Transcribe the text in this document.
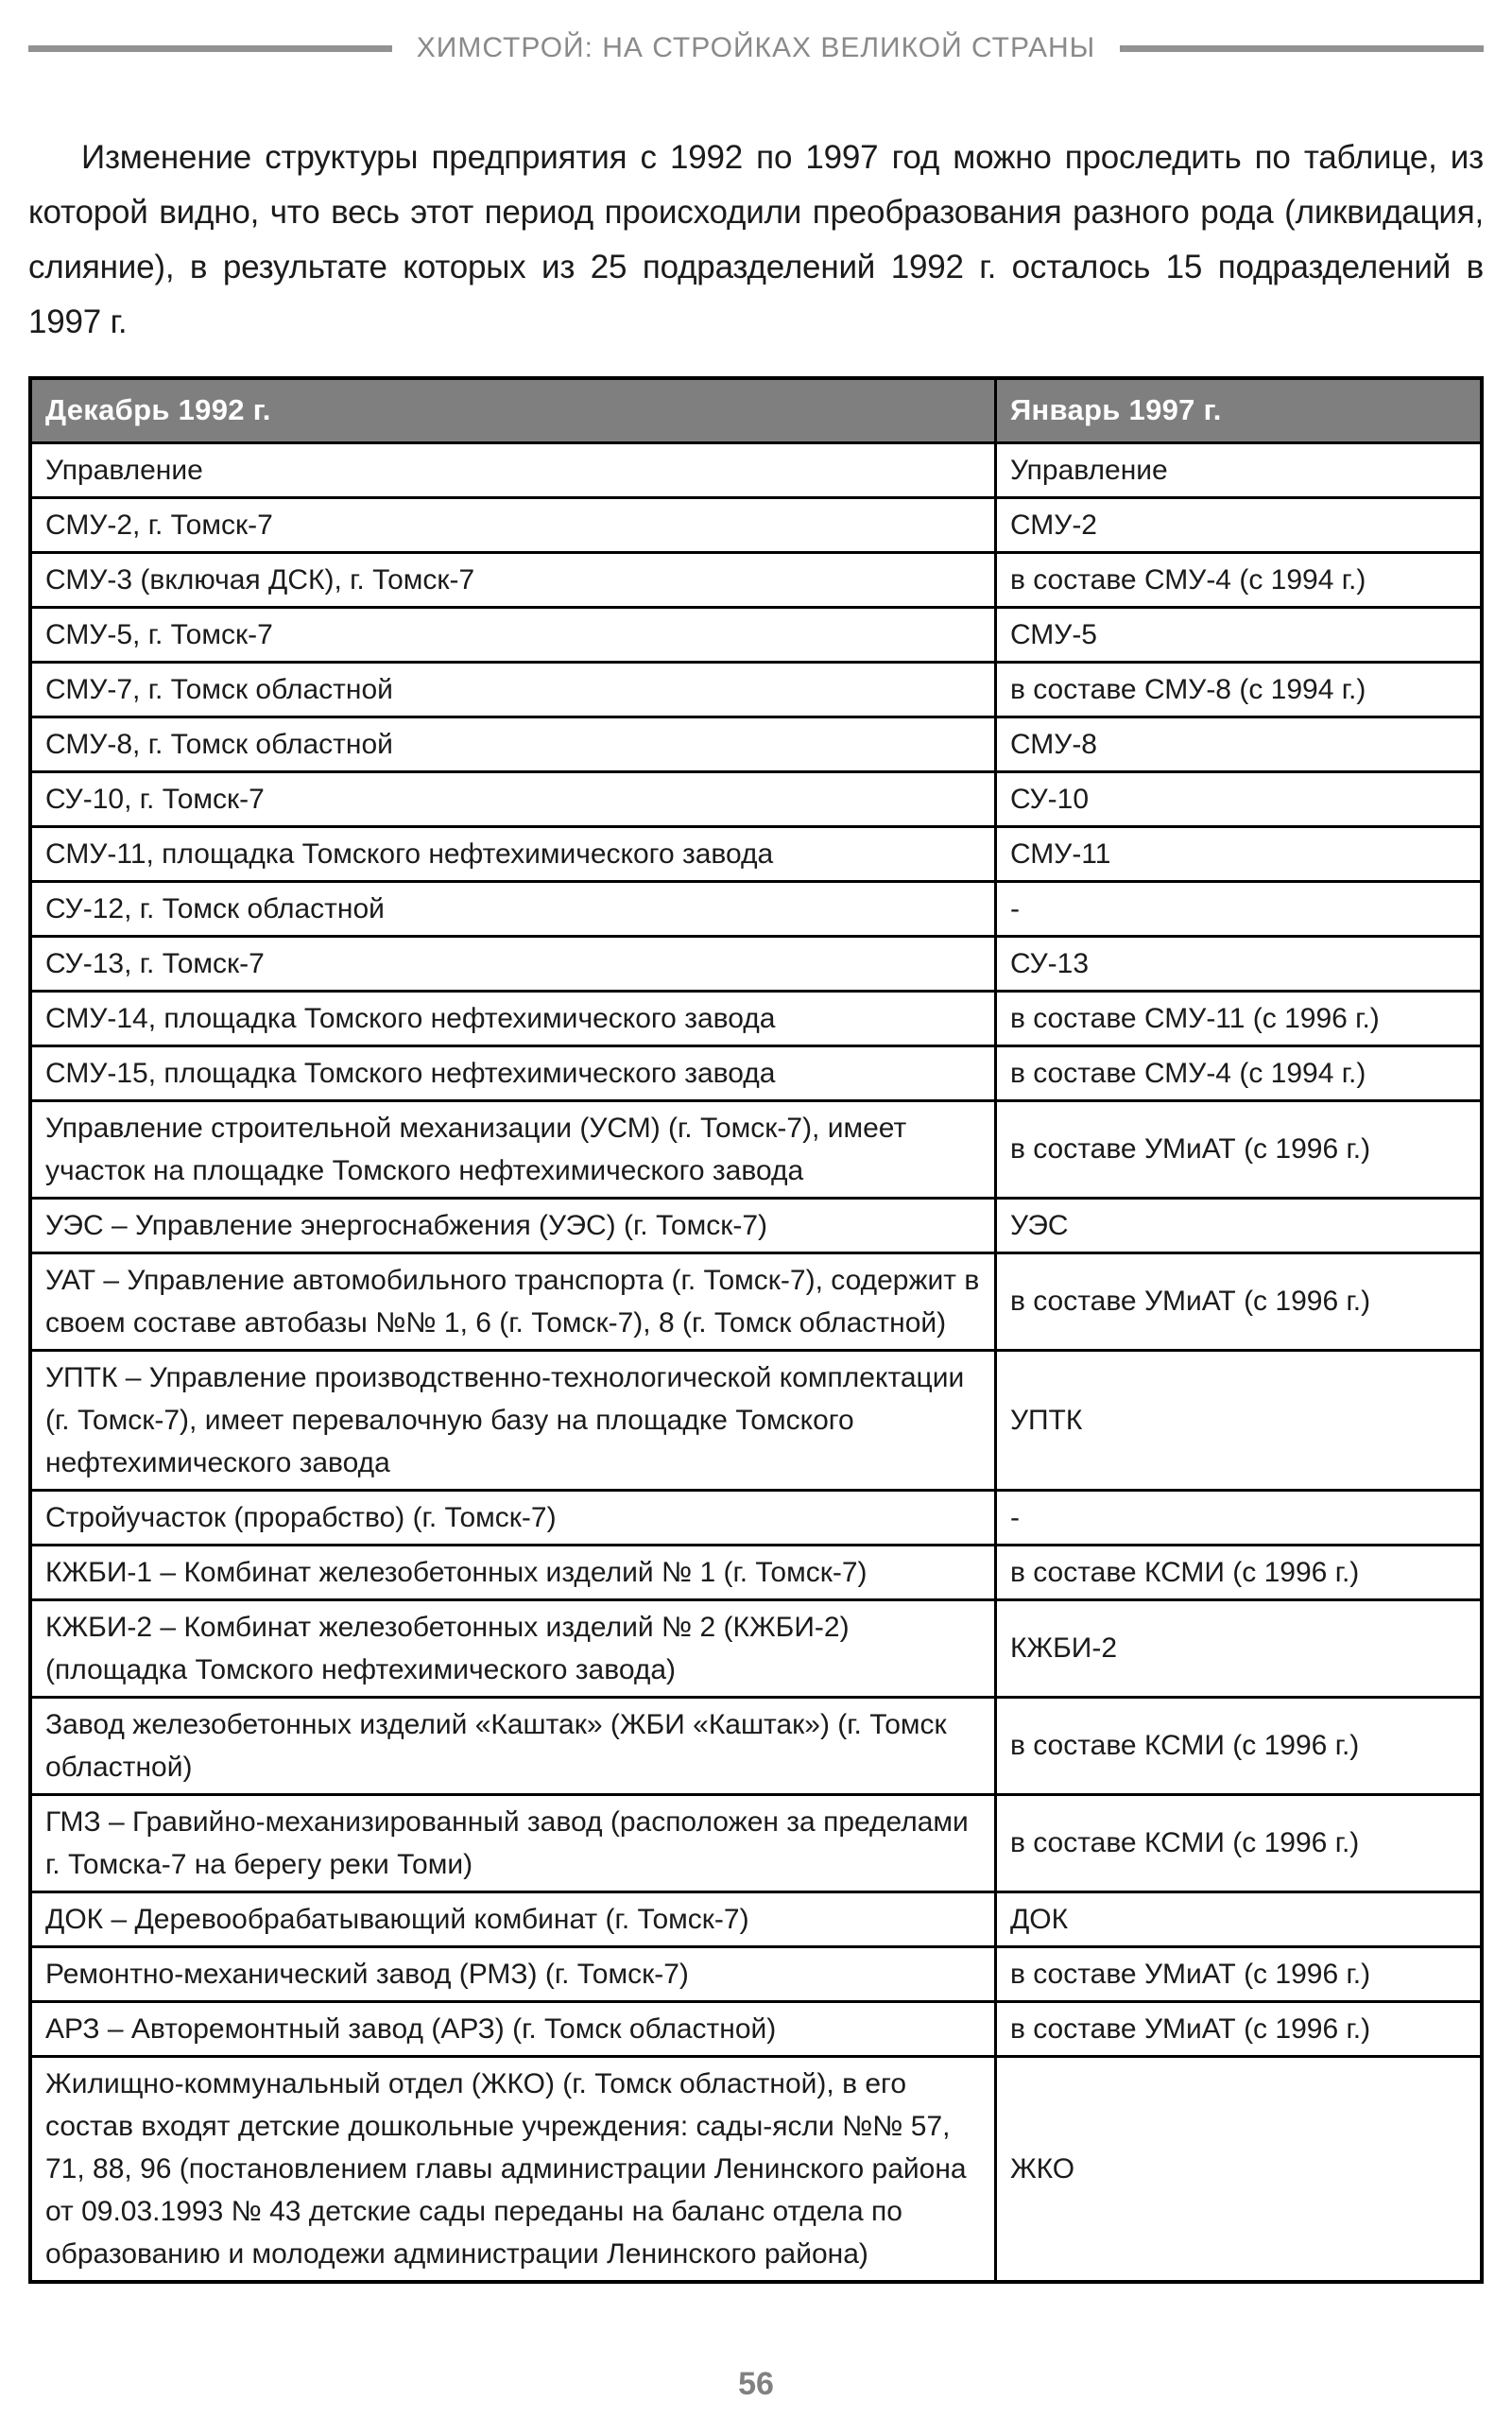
ХИМСТРОЙ: НА СТРОЙКАХ ВЕЛИКОЙ СТРАНЫ

Изменение структуры предприятия с 1992 по 1997 год можно проследить по таблице, из которой видно, что весь этот период происходили преобразования разного рода (ликвидация, слияние), в результате которых из 25 подразделений 1992 г. осталось 15 подразделений в 1997 г.

Декабрь 1992 г.	Январь 1997 г.
Управление	Управление
СМУ-2, г. Томск-7	СМУ-2
СМУ-3 (включая ДСК), г. Томск-7	в составе СМУ-4 (с 1994 г.)
СМУ-5, г. Томск-7	СМУ-5
СМУ-7, г. Томск областной	в составе СМУ-8 (с 1994 г.)
СМУ-8, г. Томск областной	СМУ-8
СУ-10, г. Томск-7	СУ-10
СМУ-11, площадка Томского нефтехимического завода	СМУ-11
СУ-12, г. Томск областной	-
СУ-13, г. Томск-7	СУ-13
СМУ-14, площадка Томского нефтехимического завода	в составе СМУ-11 (с 1996 г.)
СМУ-15, площадка Томского нефтехимического завода	в составе СМУ-4 (с 1994 г.)
Управление строительной механизации (УСМ) (г. Томск-7), имеет участок на площадке Томского нефтехимического завода	в составе УМиАТ (с 1996 г.)
УЭС – Управление энергоснабжения (УЭС) (г. Томск-7)	УЭС
УАТ – Управление автомобильного транспорта (г. Томск-7), содержит в своем составе автобазы №№ 1, 6 (г. Томск-7), 8 (г. Томск областной)	в составе УМиАТ (с 1996 г.)
УПТК – Управление производственно-технологической комплектации (г. Томск-7), имеет перевалочную базу на площадке Томского нефтехимического завода	УПТК
Стройучасток (прорабство) (г. Томск-7)	-
КЖБИ-1 – Комбинат железобетонных изделий № 1 (г. Томск-7)	в составе КСМИ (с 1996 г.)
КЖБИ-2 – Комбинат железобетонных изделий № 2 (КЖБИ-2) (площадка Томского нефтехимического завода)	КЖБИ-2
Завод железобетонных изделий «Каштак» (ЖБИ «Каштак») (г. Томск областной)	в составе КСМИ (с 1996 г.)
ГМЗ – Гравийно-механизированный завод (расположен за пределами г. Томска-7 на берегу реки Томи)	в составе КСМИ (с 1996 г.)
ДОК – Деревообрабатывающий комбинат (г. Томск-7)	ДОК
Ремонтно-механический завод (РМЗ) (г. Томск-7)	в составе УМиАТ (с 1996 г.)
АРЗ – Авторемонтный завод (АРЗ) (г. Томск областной)	в составе УМиАТ (с 1996 г.)
Жилищно-коммунальный отдел (ЖКО) (г. Томск областной), в его состав входят детские дошкольные учреждения: сады-ясли №№ 57, 71, 88, 96 (постановлением главы администрации Ленинского района от 09.03.1993 № 43 детские сады переданы на баланс отдела по образованию и молодежи администрации Ленинского района)	ЖКО
56
